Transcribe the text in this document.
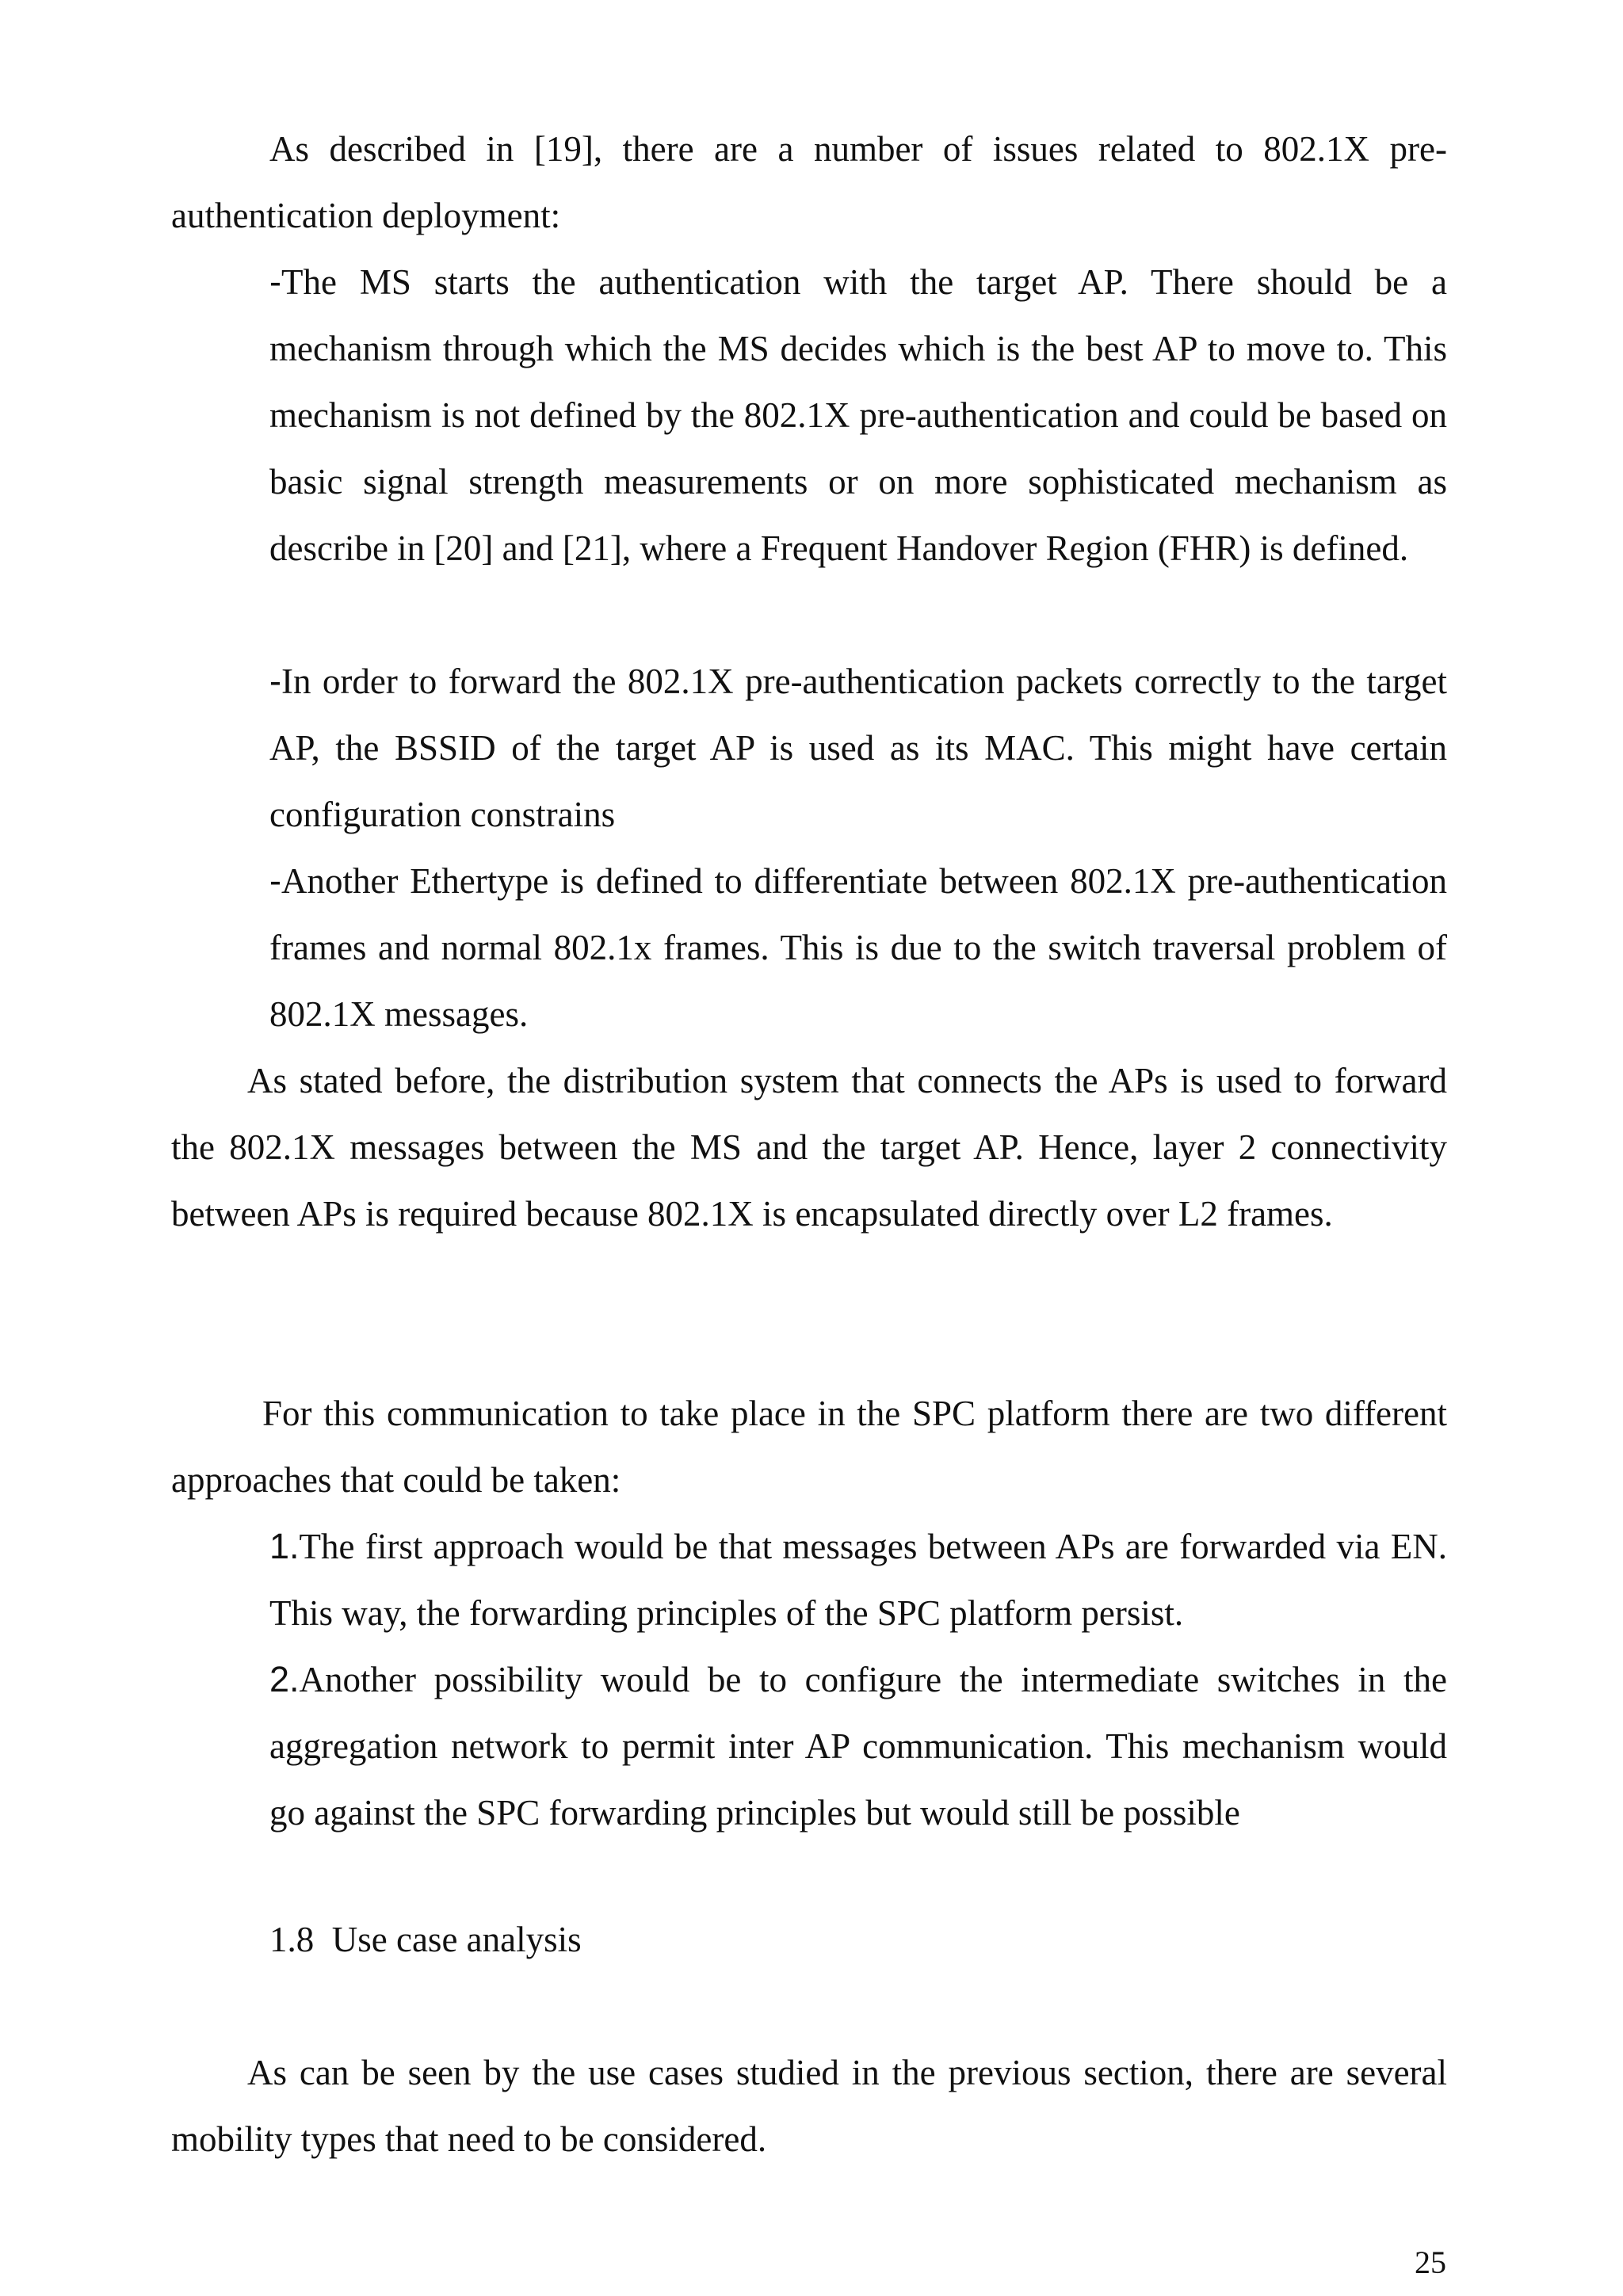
As described in [19], there are a number of issues related to 802.1X pre-authentication deployment:

-The MS starts the authentication with the target AP. There should be a mechanism through which the MS decides which is the best AP to move to. This mechanism is not defined by the 802.1X pre-authentication and could be based on basic signal strength measurements or on more sophisticated mechanism as describe in [20] and [21], where a Frequent Handover Region (FHR) is defined.

-In order to forward the 802.1X pre-authentication packets correctly to the target AP, the BSSID of the target AP is used as its MAC. This might have certain configuration constrains

-Another Ethertype is defined to differentiate between 802.1X pre-authentication frames and normal 802.1x frames. This is due to the switch traversal problem of 802.1X messages.

As stated before, the distribution system that connects the APs is used to forward the 802.1X messages between the MS and the target AP. Hence, layer 2 connectivity between APs is required because 802.1X is encapsulated directly over L2 frames.

For this communication to take place in the SPC platform there are two different approaches that could be taken:

1.The first approach would be that messages between APs are forwarded via EN. This way, the forwarding principles of the SPC platform persist.

2.Another possibility would be to configure the intermediate switches in the aggregation network to permit inter AP communication. This mechanism would go against the SPC forwarding principles but would still be possible

1.8  Use case analysis

As can be seen by the use cases studied in the previous section, there are several mobility types that need to be considered.

25
